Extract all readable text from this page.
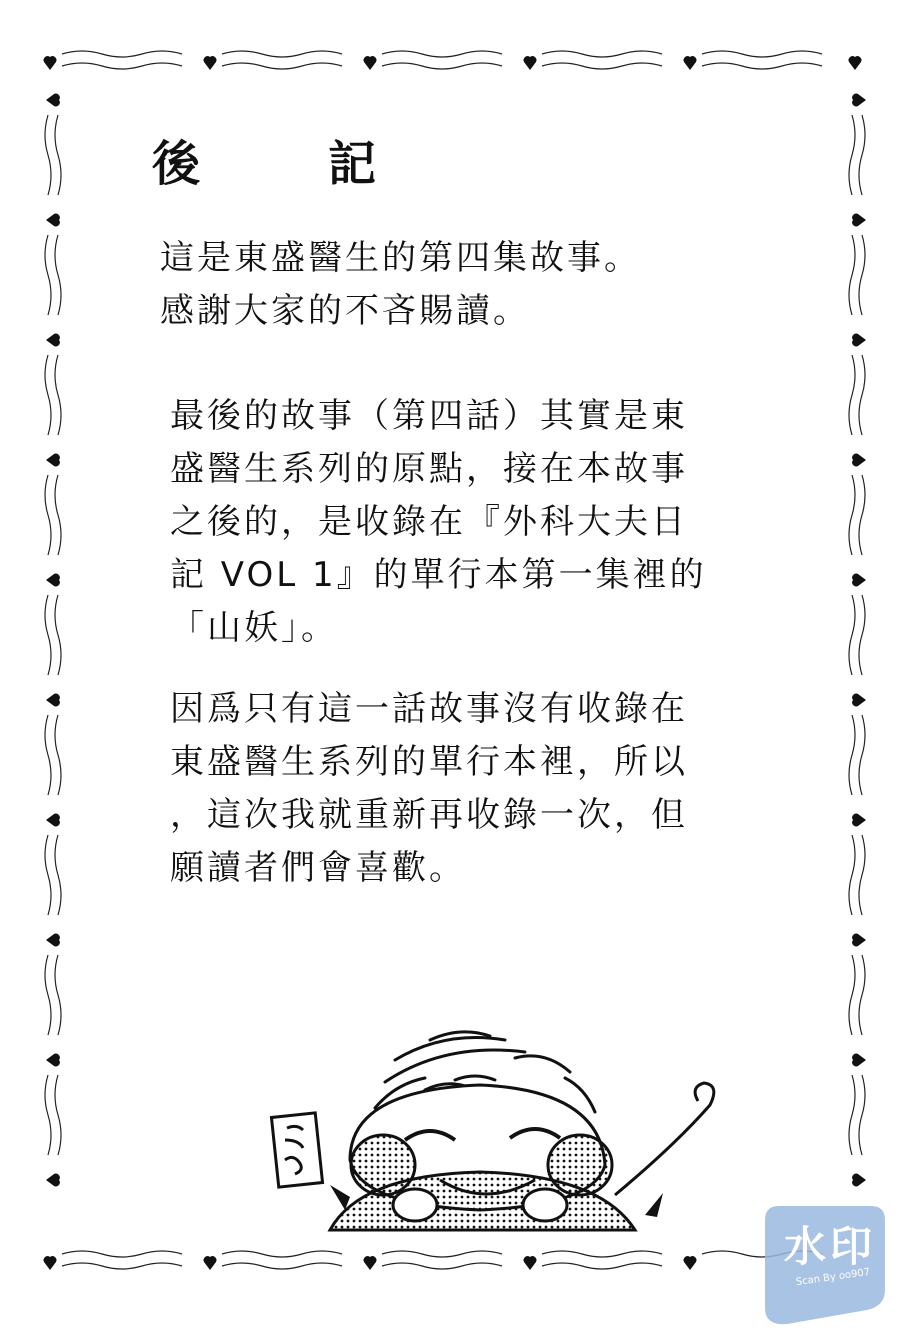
後　記
這是東盛醫生的第四集故事。
感謝大家的不吝賜讀。
最後的故事（第四話）其實是東
盛醫生系列的原點，接在本故事
之後的，是收錄在『外科大夫日
記 VOL 1』的單行本第一集裡的
「山妖」。
因爲只有這一話故事沒有收錄在
東盛醫生系列的單行本裡，所以
，這次我就重新再收錄一次，但
願讀者們會喜歡。
水印
Scan By oo907
